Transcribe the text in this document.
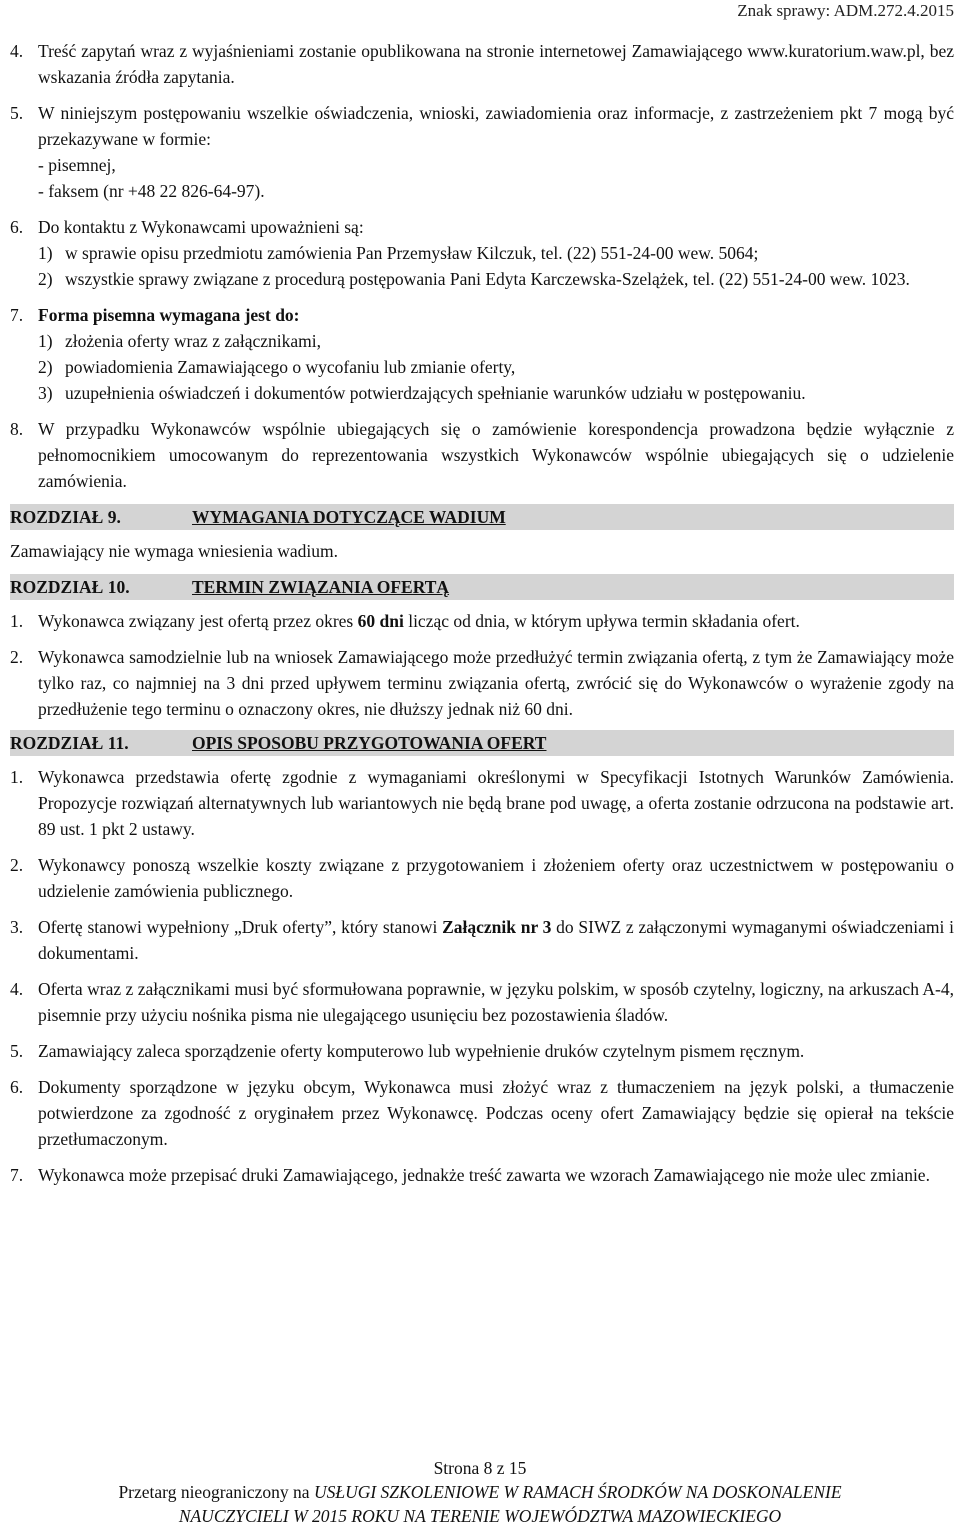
Znak sprawy: ADM.272.4.2015
4. Treść zapytań wraz z wyjaśnieniami zostanie opublikowana na stronie internetowej Zamawiającego www.kuratorium.waw.pl, bez wskazania źródła zapytania.
5. W niniejszym postępowaniu wszelkie oświadczenia, wnioski, zawiadomienia oraz informacje, z zastrzeżeniem pkt 7 mogą być przekazywane w formie:

- pisemnej,

- faksem (nr +48 22 826-64-97).

6. Do kontaktu z Wykonawcami upoważnieni są:

1) w sprawie opisu przedmiotu zamówienia Pan Przemysław Kilczuk, tel. (22) 551-24-00 wew. 5064;
2) wszystkie sprawy związane z procedurą postępowania Pani Edyta Karczewska-Szelążek, tel. (22) 551-24-00 wew. 1023.
7. Forma pisemna wymagana jest do:

1) złożenia oferty wraz z załącznikami,
2) powiadomienia Zamawiającego o wycofaniu lub zmianie oferty,
3) uzupełnienia oświadczeń i dokumentów potwierdzających spełnianie warunków udziału w postępowaniu.
8. W przypadku Wykonawców wspólnie ubiegających się o zamówienie korespondencja prowadzona będzie wyłącznie z pełnomocnikiem umocowanym do reprezentowania wszystkich Wykonawców wspólnie ubiegających się o udzielenie zamówienia.
ROZDZIAŁ 9.	WYMAGANIA DOTYCZĄCE WADIUM

Zamawiający nie wymaga wniesienia wadium.

ROZDZIAŁ 10.	TERMIN ZWIĄZANIA OFERTĄ
1. Wykonawca związany jest ofertą przez okres 60 dni licząc od dnia, w którym upływa termin składania ofert.
2. Wykonawca samodzielnie lub na wniosek Zamawiającego może przedłużyć termin związania ofertą, z tym że Zamawiający może tylko raz, co najmniej na 3 dni przed upływem terminu związania ofertą, zwrócić się do Wykonawców o wyrażenie zgody na przedłużenie tego terminu o oznaczony okres, nie dłuższy jednak niż 60 dni.
ROZDZIAŁ 11.	OPIS SPOSOBU PRZYGOTOWANIA OFERT
1. Wykonawca przedstawia ofertę zgodnie z wymaganiami określonymi w Specyfikacji Istotnych Warunków Zamówienia. Propozycje rozwiązań alternatywnych lub wariantowych nie będą brane pod uwagę, a oferta zostanie odrzucona na podstawie art. 89 ust. 1 pkt 2 ustawy.
2. Wykonawcy ponoszą wszelkie koszty związane z przygotowaniem i złożeniem oferty oraz uczestnictwem w postępowaniu o udzielenie zamówienia publicznego.
3. Ofertę stanowi wypełniony „Druk oferty”, który stanowi Załącznik nr 3 do SIWZ z załączonymi wymaganymi oświadczeniami i dokumentami.
4. Oferta wraz z załącznikami musi być sformułowana poprawnie, w języku polskim, w sposób czytelny, logiczny, na arkuszach A-4, pisemnie przy użyciu nośnika pisma nie ulegającego usunięciu bez pozostawienia śladów.
5. Zamawiający zaleca sporządzenie oferty komputerowo lub wypełnienie druków czytelnym pismem ręcznym.
6. Dokumenty sporządzone w języku obcym, Wykonawca musi złożyć wraz z tłumaczeniem na język polski, a tłumaczenie potwierdzone za zgodność z oryginałem przez Wykonawcę. Podczas oceny ofert Zamawiający będzie się opierał na tekście przetłumaczonym.
7. Wykonawca może przepisać druki Zamawiającego, jednakże treść zawarta we wzorach Zamawiającego nie może ulec zmianie.
Strona 8 z 15
Przetarg nieograniczony na USŁUGI SZKOLENIOWE W RAMACH ŚRODKÓW NA DOSKONALENIE
NAUCZYCIELI W 2015 ROKU NA TERENIE WOJEWÓDZTWA MAZOWIECKIEGO
